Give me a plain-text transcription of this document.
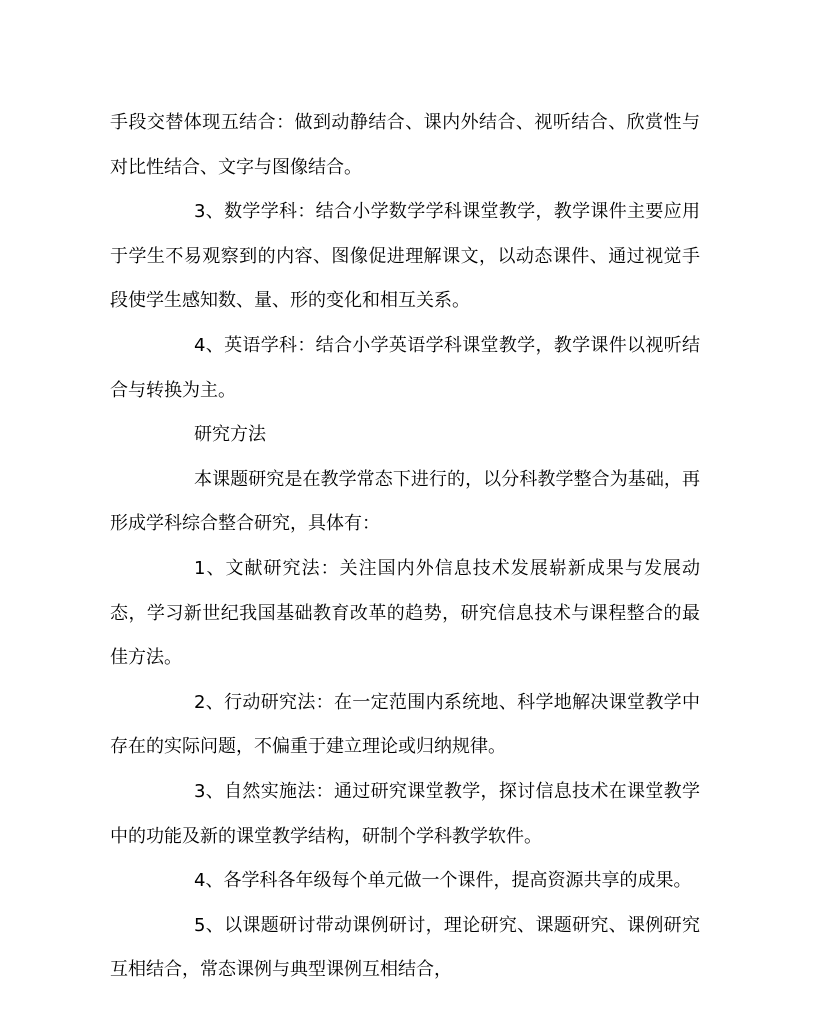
手段交替体现五结合：做到动静结合、课内外结合、视听结合、欣赏性与对比性结合、文字与图像结合。

3、数学学科：结合小学数学学科课堂教学，教学课件主要应用于学生不易观察到的内容、图像促进理解课文，以动态课件、通过视觉手段使学生感知数、量、形的变化和相互关系。

4、英语学科：结合小学英语学科课堂教学，教学课件以视听结合与转换为主。

研究方法

本课题研究是在教学常态下进行的，以分科教学整合为基础，再形成学科综合整合研究，具体有：

1、文献研究法：关注国内外信息技术发展崭新成果与发展动态，学习新世纪我国基础教育改革的趋势，研究信息技术与课程整合的最佳方法。

2、行动研究法：在一定范围内系统地、科学地解决课堂教学中存在的实际问题，不偏重于建立理论或归纳规律。

3、自然实施法：通过研究课堂教学，探讨信息技术在课堂教学中的功能及新的课堂教学结构，研制个学科教学软件。

4、各学科各年级每个单元做一个课件，提高资源共享的成果。

5、以课题研讨带动课例研讨，理论研究、课题研究、课例研究互相结合，常态课例与典型课例互相结合，
